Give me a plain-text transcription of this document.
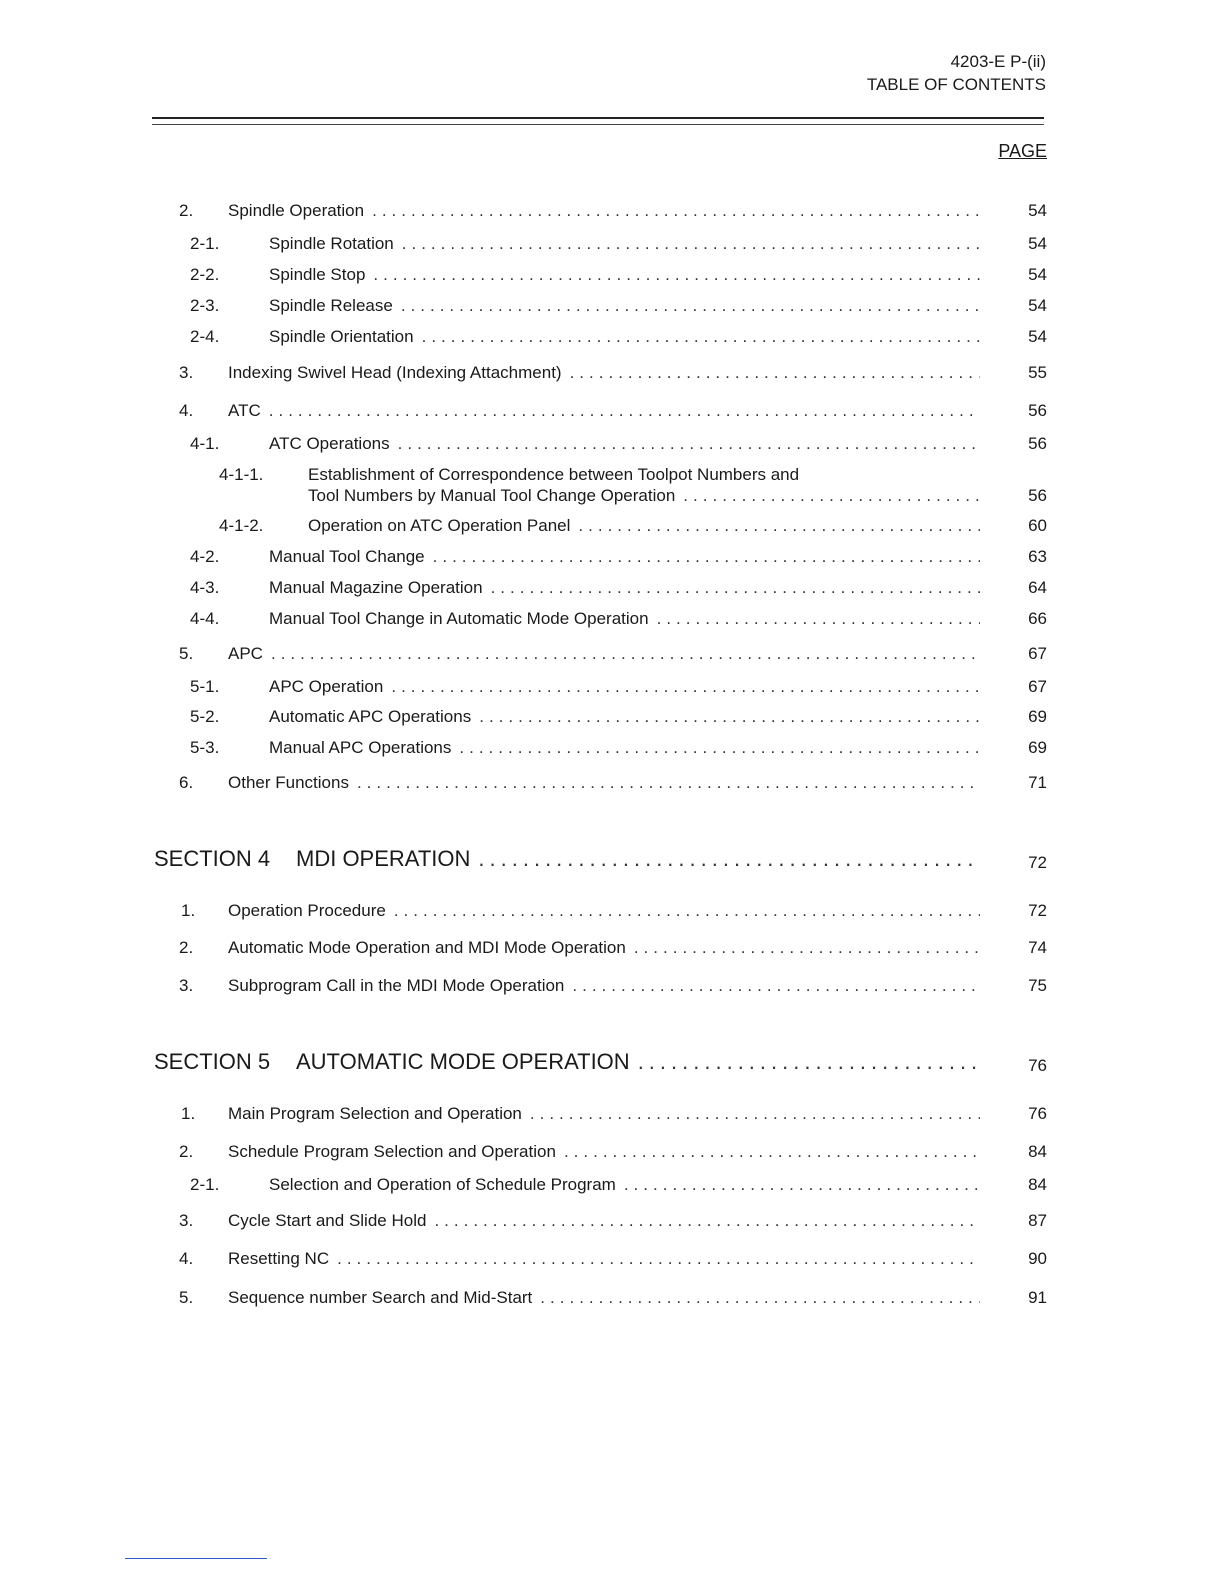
4203-E P-(ii)
TABLE OF CONTENTS
PAGE
2. Spindle Operation .....	54
2-1.	Spindle Rotation .....	54
2-2.	Spindle Stop .....	54
2-3.	Spindle Release .....	54
2-4.	Spindle Orientation .....	54
3. Indexing Swivel Head (Indexing Attachment) .....	55
4. ATC .....	56
4-1.	ATC Operations .....	56
4-1-1.	Establishment of Correspondence between Toolpot Numbers and
Tool Numbers by Manual Tool Change Operation .....	56
4-1-2.	Operation on ATC Operation Panel .....	60
4-2.	Manual Tool Change .....	63
4-3.	Manual Magazine Operation .....	64
4-4.	Manual Tool Change in Automatic Mode Operation .....	66
5. APC .....	67
5-1.	APC Operation .....	67
5-2.	Automatic APC Operations .....	69
5-3.	Manual APC Operations .....	69
6. Other Functions .....	71
SECTION 4 MDI OPERATION .....	72
1. Operation Procedure .....	72
2. Automatic Mode Operation and MDI Mode Operation .....	74
3. Subprogram Call in the MDI Mode Operation .....	75
SECTION 5 AUTOMATIC MODE OPERATION .....	76
1. Main Program Selection and Operation .....	76
2. Schedule Program Selection and Operation .....	84
2-1.	Selection and Operation of Schedule Program .....	84
3. Cycle Start and Slide Hold .....	87
4. Resetting NC .....	90
5. Sequence number Search and Mid-Start .....	91
